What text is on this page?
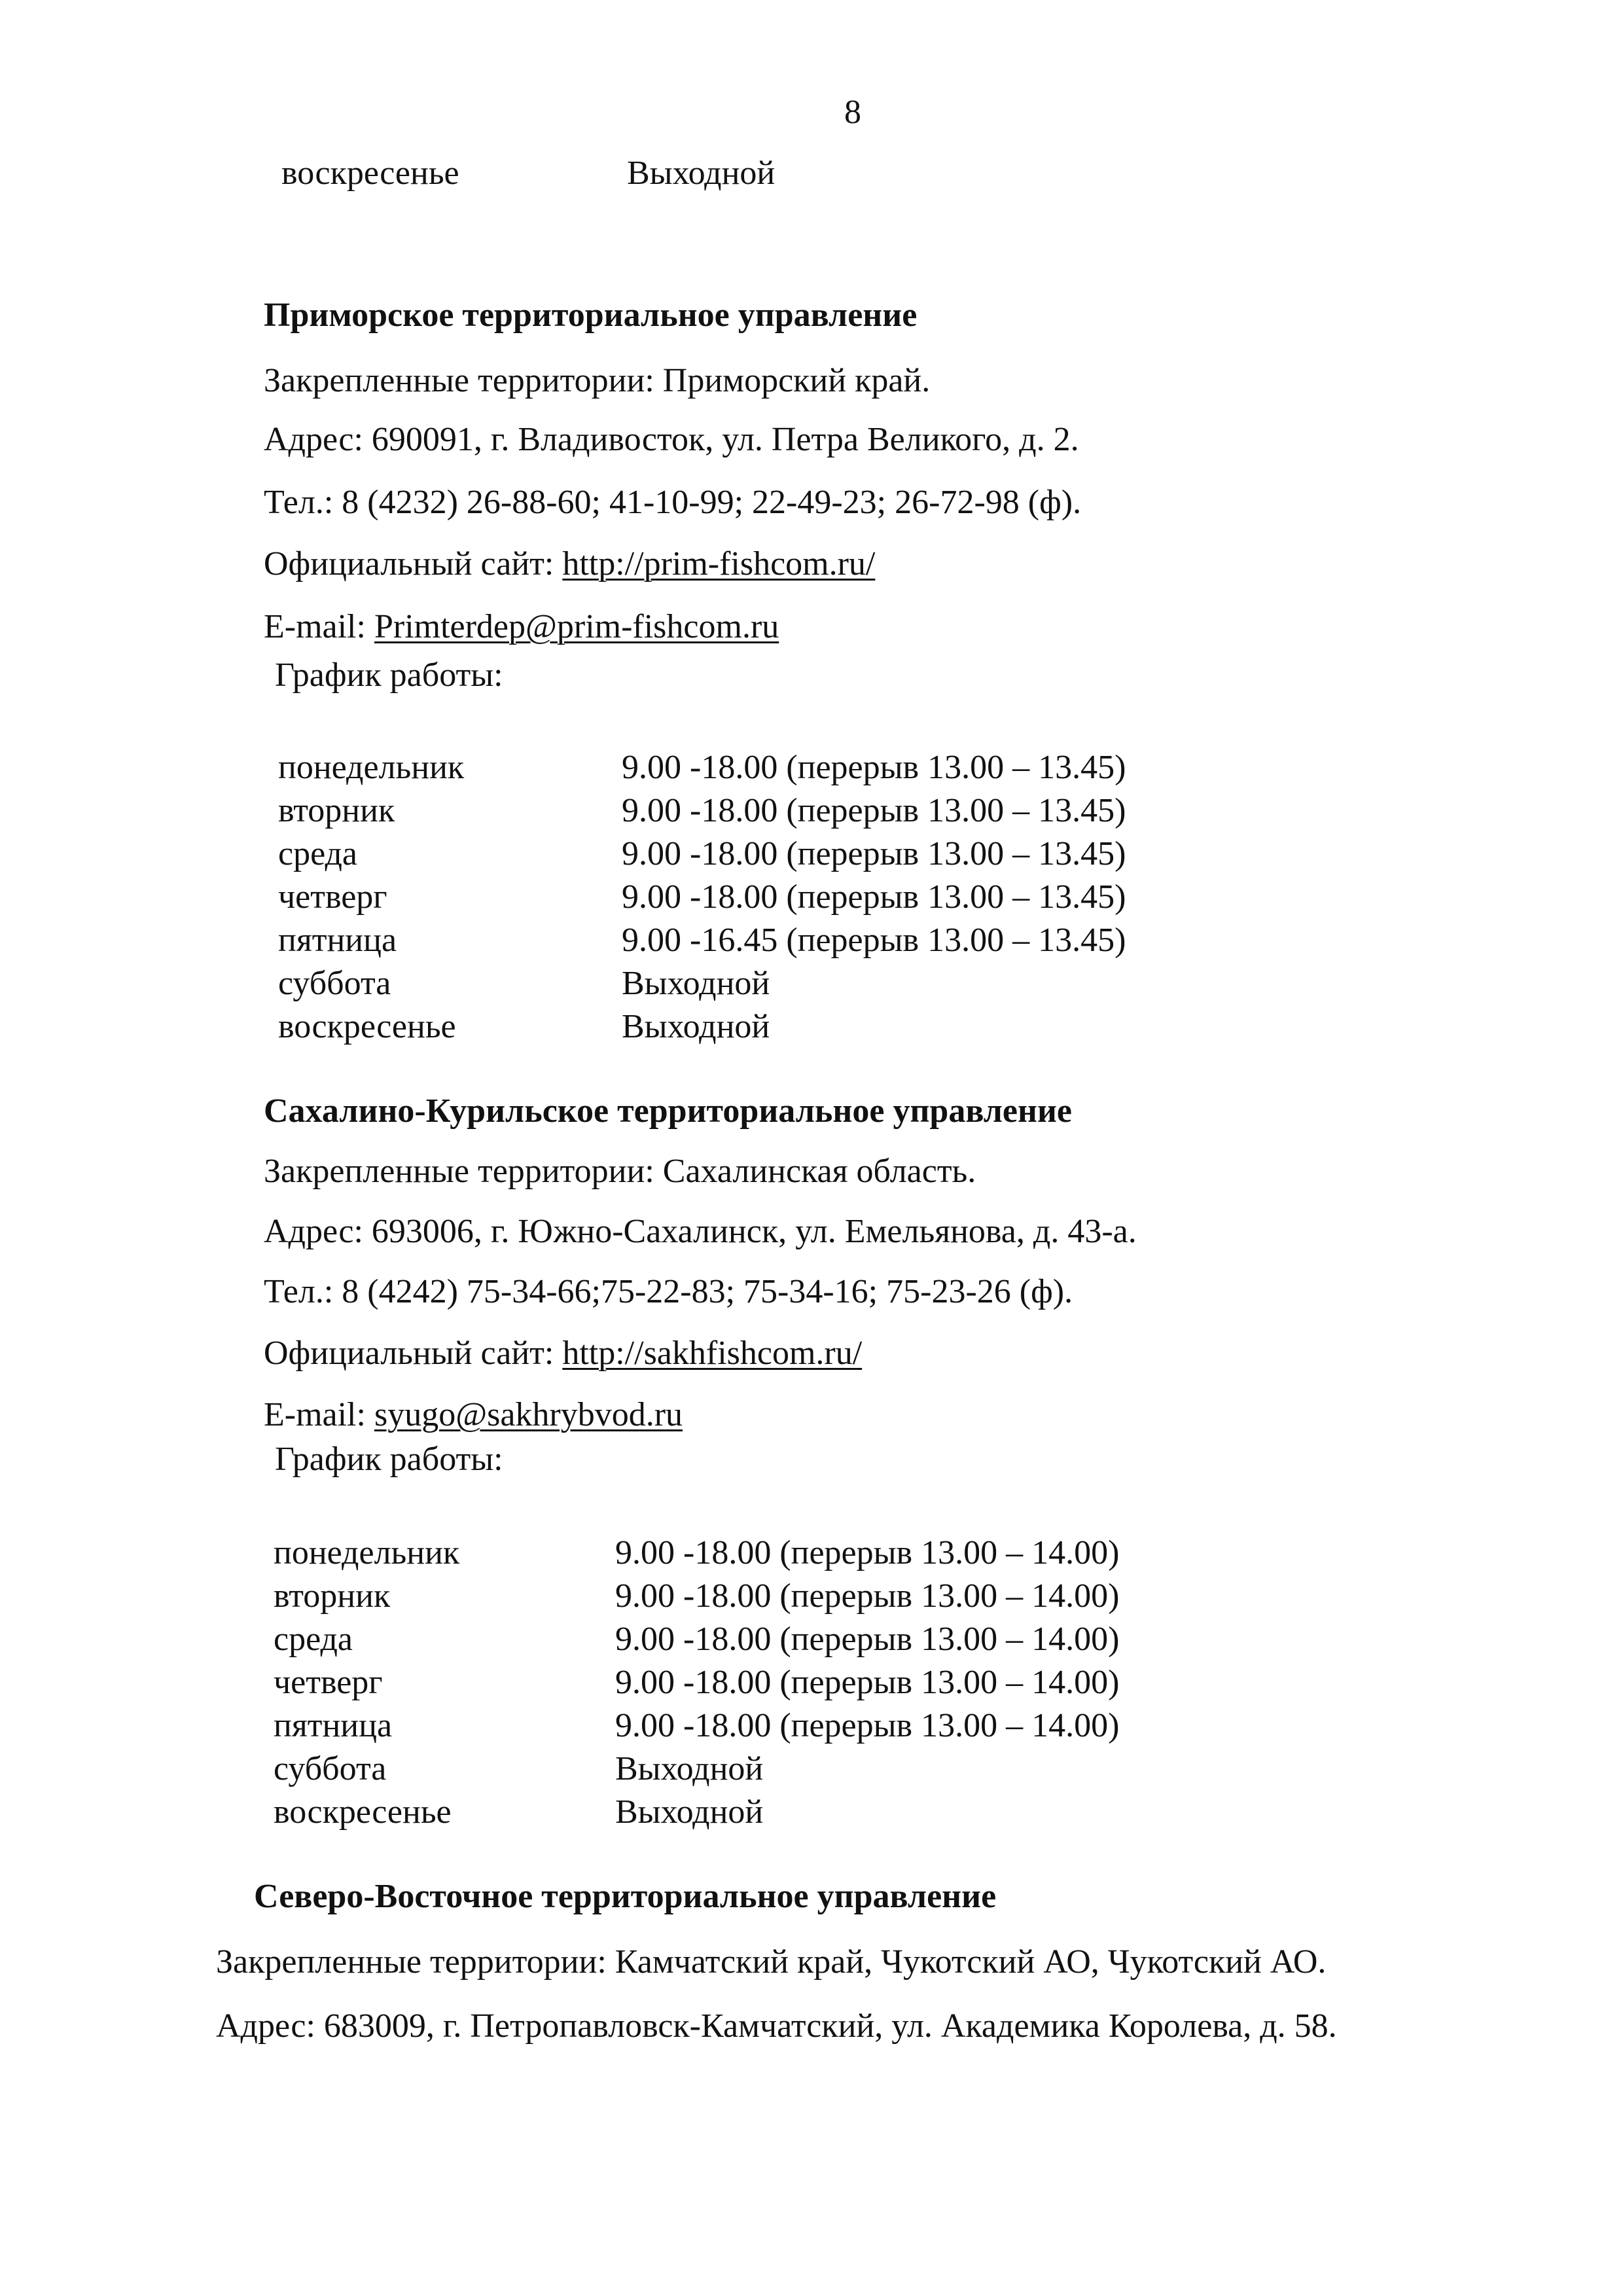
8
воскресенье	Выходной
Приморское территориальное управление
Закрепленные территории: Приморский край.
Адрес: 690091, г. Владивосток, ул. Петра Великого, д. 2.
Тел.: 8 (4232) 26-88-60; 41-10-99; 22-49-23; 26-72-98 (ф).
Официальный сайт: http://prim-fishcom.ru/
E-mail: Primterdep@prim-fishcom.ru
График работы:
понедельник	9.00 -18.00 (перерыв 13.00 – 13.45)
вторник	9.00 -18.00 (перерыв 13.00 – 13.45)
среда	9.00 -18.00 (перерыв 13.00 – 13.45)
четверг	9.00 -18.00 (перерыв 13.00 – 13.45)
пятница	9.00 -16.45 (перерыв 13.00 – 13.45)
суббота	Выходной
воскресенье	Выходной
Сахалино-Курильское территориальное управление
Закрепленные территории: Сахалинская область.
Адрес: 693006, г. Южно-Сахалинск, ул. Емельянова, д. 43-а.
Тел.: 8 (4242) 75-34-66;75-22-83; 75-34-16; 75-23-26 (ф).
Официальный сайт: http://sakhfishcom.ru/
E-mail: syugo@sakhrybvod.ru
График работы:
понедельник	9.00 -18.00 (перерыв 13.00 – 14.00)
вторник	9.00 -18.00 (перерыв 13.00 – 14.00)
среда	9.00 -18.00 (перерыв 13.00 – 14.00)
четверг	9.00 -18.00 (перерыв 13.00 – 14.00)
пятница	9.00 -18.00 (перерыв 13.00 – 14.00)
суббота	Выходной
воскресенье	Выходной
Северо-Восточное территориальное управление
Закрепленные территории: Камчатский край, Чукотский АО, Чукотский АО.
Адрес: 683009, г. Петропавловск-Камчатский, ул. Академика Королева, д. 58.
